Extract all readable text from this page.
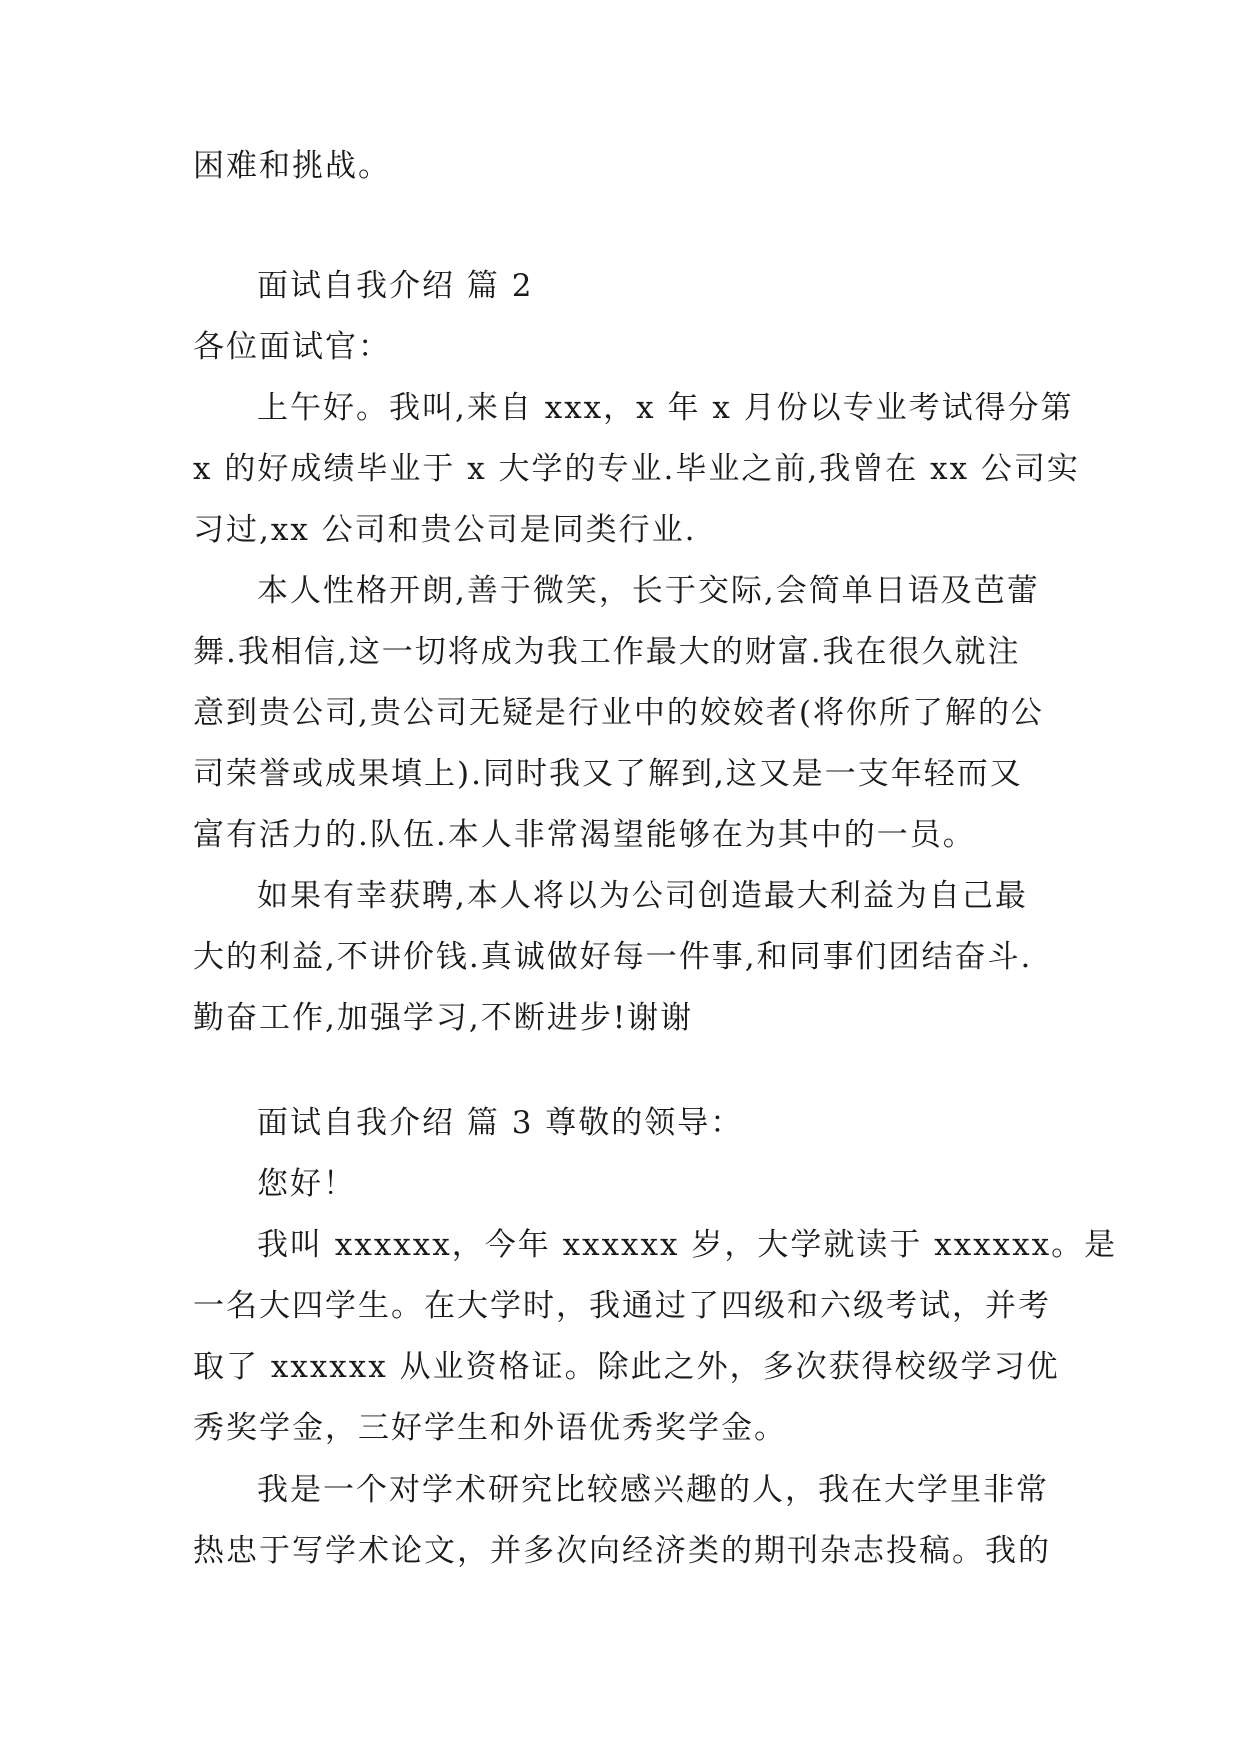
困难和挑战。
面试自我介绍 篇 2
各位面试官：
上午好。我叫,来自 xxx，x 年 x 月份以专业考试得分第
x 的好成绩毕业于 x 大学的专业.毕业之前,我曾在 xx 公司实
习过,xx 公司和贵公司是同类行业.
本人性格开朗,善于微笑，长于交际,会简单日语及芭蕾
舞.我相信,这一切将成为我工作最大的财富.我在很久就注
意到贵公司,贵公司无疑是行业中的姣姣者(将你所了解的公
司荣誉或成果填上).同时我又了解到,这又是一支年轻而又
富有活力的.队伍.本人非常渴望能够在为其中的一员。
如果有幸获聘,本人将以为公司创造最大利益为自己最
大的利益,不讲价钱.真诚做好每一件事,和同事们团结奋斗.
勤奋工作,加强学习,不断进步!谢谢
面试自我介绍 篇 3 尊敬的领导：
您好！
我叫 xxxxxx，今年 xxxxxx 岁，大学就读于 xxxxxx。是
一名大四学生。在大学时，我通过了四级和六级考试，并考
取了 xxxxxx 从业资格证。除此之外，多次获得校级学习优
秀奖学金，三好学生和外语优秀奖学金。
我是一个对学术研究比较感兴趣的人，我在大学里非常
热忠于写学术论文，并多次向经济类的期刊杂志投稿。我的
